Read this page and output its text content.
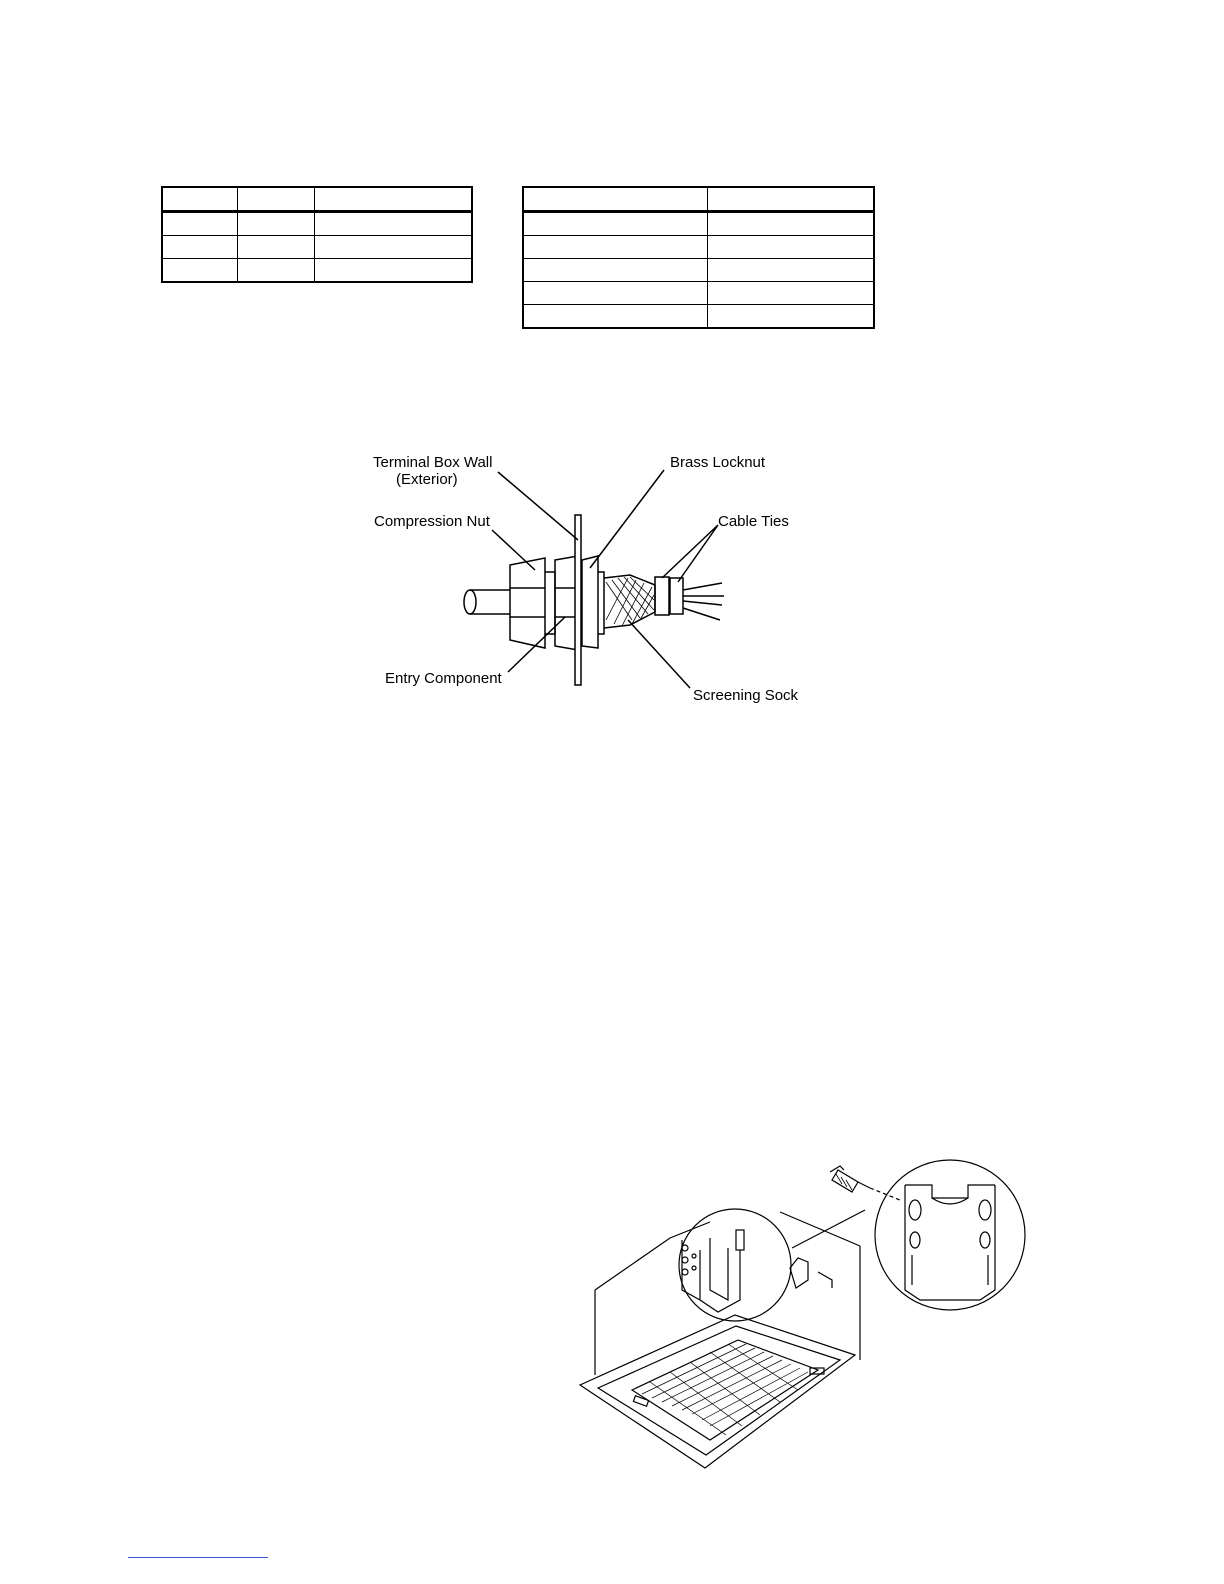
Terminal Box Wall
(Exterior)
Brass Locknut
Compression Nut	Cable Ties
Entry Component
Screening Sock
